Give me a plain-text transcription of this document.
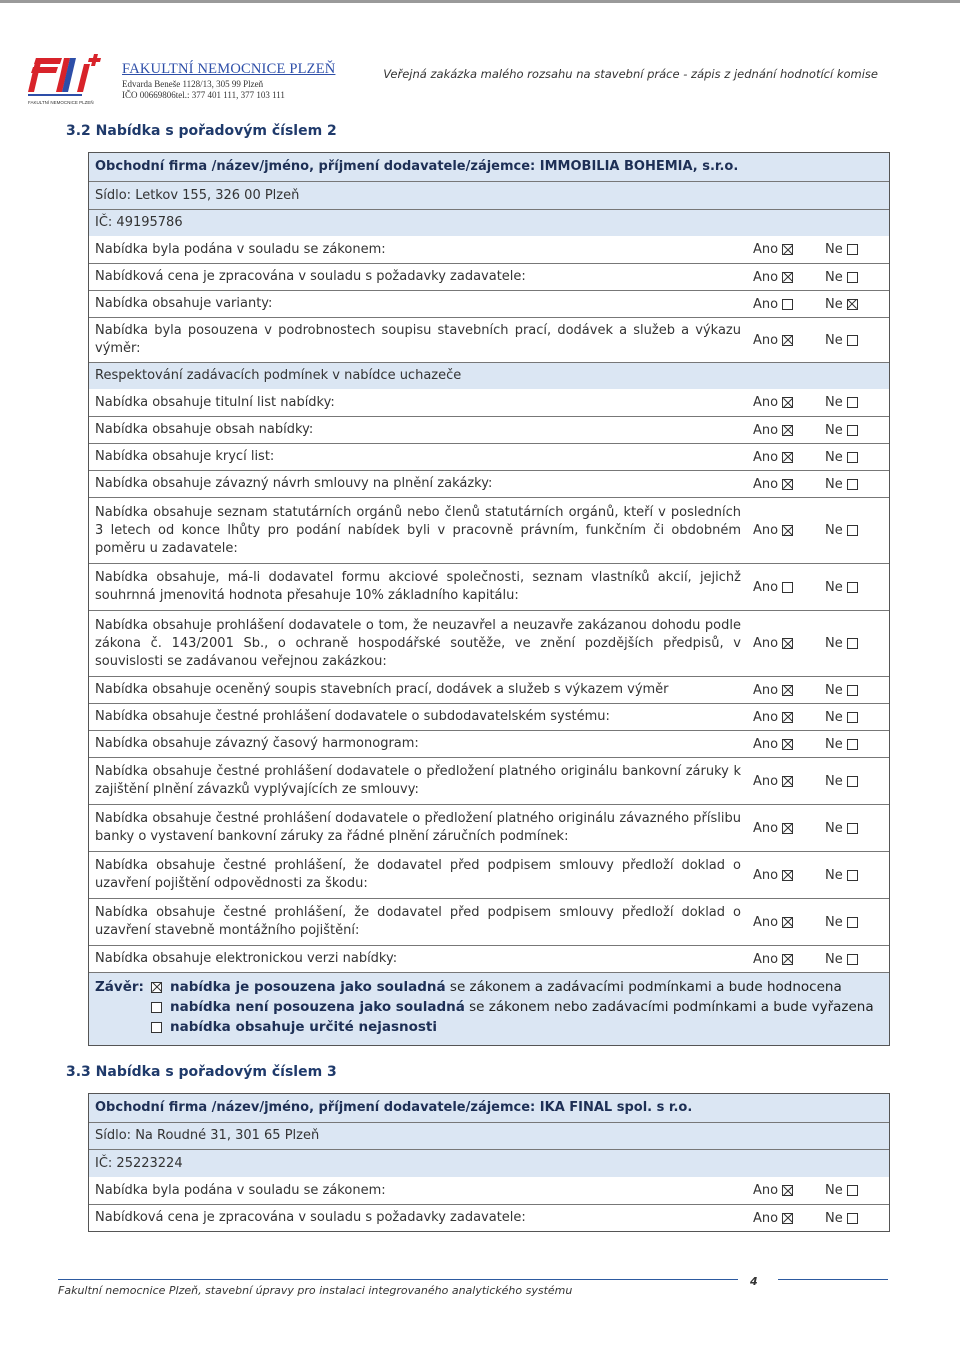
FAKULTNÍ NEMOCNICE PLZEŇ
FAKULTNÍ NEMOCNICE PLZEŇ
Edvarda Beneše 1128/13, 305 99 Plzeň
IČO 00669806tel.: 377 401 111, 377 103 111
Veřejná zakázka malého rozsahu na stavební práce - zápis z jednání hodnotící komise
3.2 Nabídka s pořadovým číslem 2
Obchodní firma /název/jméno, příjmení dodavatele/zájemce: IMMOBILIA BOHEMIA, s.r.o.
Sídlo: Letkov 155, 326 00 Plzeň
IČ: 49195786
Nabídka byla podána v souladu se zákonem:	Ano	Ne
Nabídková cena je zpracována v souladu s požadavky zadavatele:	Ano	Ne
Nabídka obsahuje varianty:	Ano	Ne
Nabídka byla posouzena v podrobnostech soupisu stavebních prací, dodávek a služeb a výkazu výměr:
Ano	Ne
Respektování zadávacích podmínek v nabídce uchazeče
Nabídka obsahuje titulní list nabídky:	Ano	Ne
Nabídka obsahuje obsah nabídky:	Ano	Ne
Nabídka obsahuje krycí list:	Ano	Ne
Nabídka obsahuje závazný návrh smlouvy na plnění zakázky:	Ano	Ne
Nabídka obsahuje seznam statutárních orgánů nebo členů statutárních orgánů, kteří v posledních 3 letech od konce lhůty pro podání nabídek byli v pracovně právním, funkčním či obdobném poměru u zadavatele:
Ano	Ne
Nabídka obsahuje, má-li dodavatel formu akciové společnosti, seznam vlastníků akcií, jejichž souhrnná jmenovitá hodnota přesahuje 10% základního kapitálu:
Ano	Ne
Nabídka obsahuje prohlášení dodavatele o tom, že neuzavřel a neuzavře zakázanou dohodu podle zákona č. 143/2001 Sb., o ochraně hospodářské soutěže, ve znění pozdějších předpisů, v souvislosti se zadávanou veřejnou zakázkou:
Ano	Ne
Nabídka obsahuje oceněný soupis stavebních prací, dodávek a služeb s výkazem výměr	Ano	Ne
Nabídka obsahuje čestné prohlášení dodavatele o subdodavatelském systému:	Ano	Ne
Nabídka obsahuje závazný časový harmonogram:	Ano	Ne
Nabídka obsahuje čestné prohlášení dodavatele o předložení platného originálu bankovní záruky k zajištění plnění závazků vyplývajících ze smlouvy:
Ano	Ne
Nabídka obsahuje čestné prohlášení dodavatele o předložení platného originálu závazného příslibu banky o vystavení bankovní záruky za řádné plnění záručních podmínek:
Ano	Ne
Nabídka obsahuje čestné prohlášení, že dodavatel před podpisem smlouvy předloží doklad o uzavření pojištění odpovědnosti za škodu:
Ano	Ne
Nabídka obsahuje čestné prohlášení, že dodavatel před podpisem smlouvy předloží doklad o uzavření stavebně montážního pojištění:
Ano	Ne
Nabídka obsahuje elektronickou verzi nabídky:	Ano	Ne
Závěr:	nabídka je posouzena jako souladná se zákonem a zadávacími podmínkami a bude hodnocena
nabídka není posouzena jako souladná se zákonem nebo zadávacími podmínkami a bude vyřazena
nabídka obsahuje určité nejasnosti
3.3 Nabídka s pořadovým číslem 3
Obchodní firma /název/jméno, příjmení dodavatele/zájemce: IKA FINAL spol. s r.o.
Sídlo: Na Roudné 31, 301 65 Plzeň
IČ: 25223224
Nabídka byla podána v souladu se zákonem:	Ano	Ne
Nabídková cena je zpracována v souladu s požadavky zadavatele:	Ano	Ne
4
Fakultní nemocnice Plzeň, stavební úpravy pro instalaci integrovaného analytického systému
